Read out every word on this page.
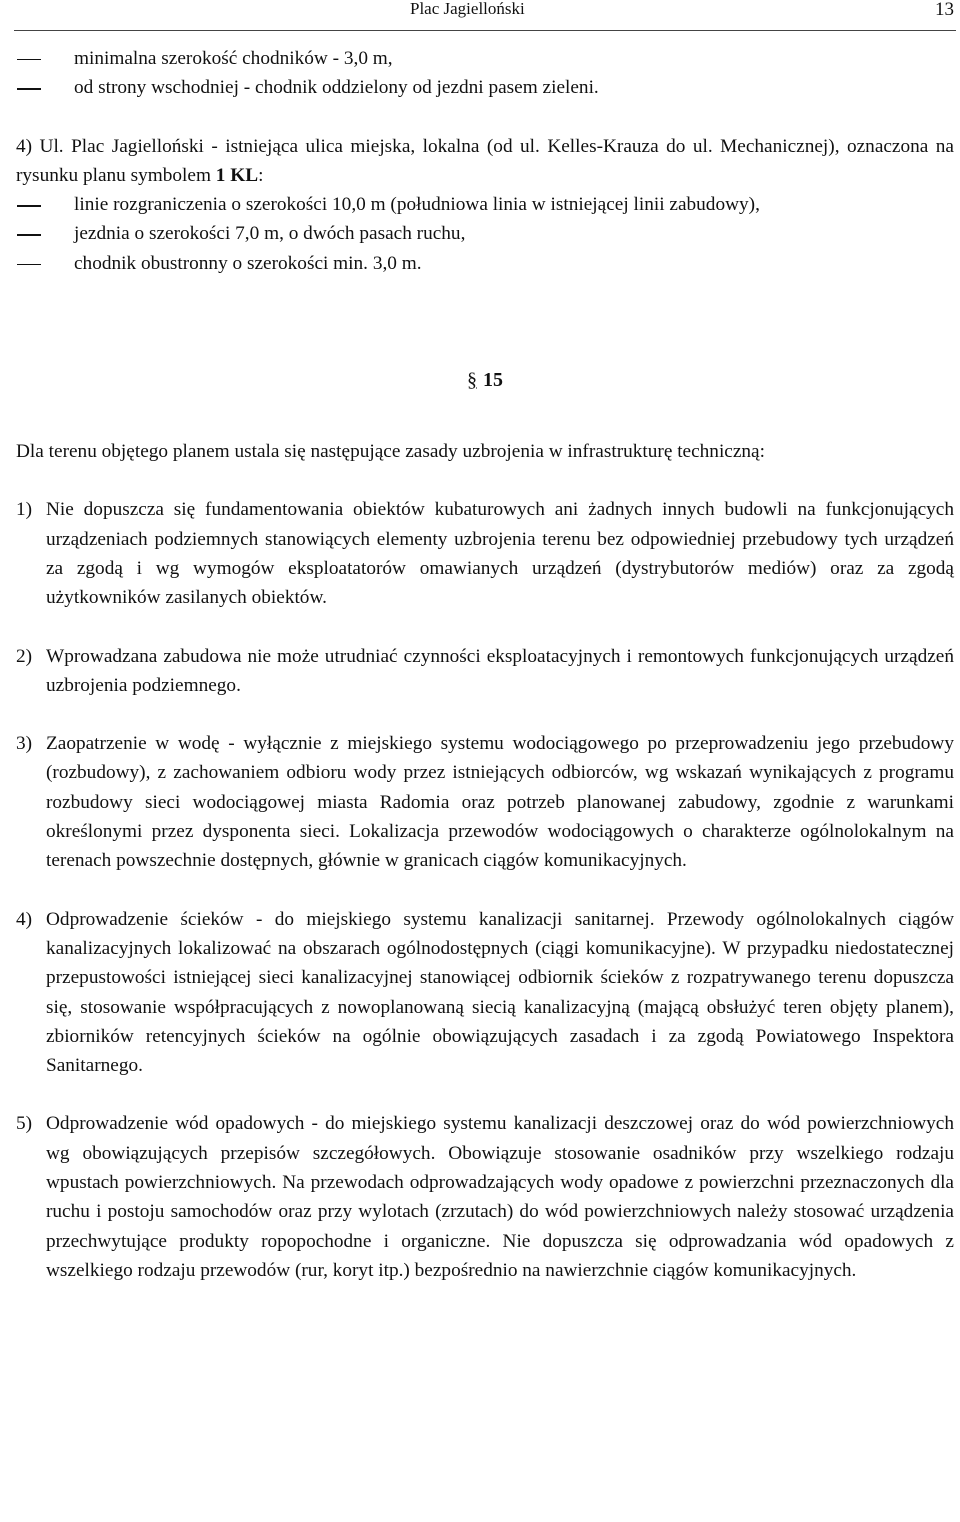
Plac Jagielloński	13
minimalna szerokość chodników - 3,0 m,
od strony wschodniej - chodnik oddzielony od jezdni pasem zieleni.

4) Ul. Plac Jagielloński - istniejąca ulica miejska, lokalna (od ul. Kelles-Krauza do ul. Mechanicznej), oznaczona na rysunku planu symbolem 1 KL:

linie rozgraniczenia o szerokości 10,0 m (południowa linia w istniejącej linii zabudowy),
jezdnia o szerokości 7,0 m, o dwóch pasach ruchu,
chodnik obustronny o szerokości min. 3,0 m.
§ 15

Dla terenu objętego planem ustala się następujące zasady uzbrojenia w infrastrukturę techniczną:

1) Nie dopuszcza się fundamentowania obiektów kubaturowych ani żadnych innych budowli na funkcjonujących urządzeniach podziemnych stanowiących elementy uzbrojenia terenu bez odpowiedniej przebudowy tych urządzeń za zgodą i wg wymogów eksploatatorów omawianych urządzeń (dystrybutorów mediów) oraz za zgodą użytkowników zasilanych obiektów.

2) Wprowadzana zabudowa nie może utrudniać czynności eksploatacyjnych i remontowych funkcjonujących urządzeń uzbrojenia podziemnego.

3) Zaopatrzenie w wodę - wyłącznie z miejskiego systemu wodociągowego po przeprowadzeniu jego przebudowy (rozbudowy), z zachowaniem odbioru wody przez istniejących odbiorców, wg wskazań wynikających z programu rozbudowy sieci wodociągowej miasta Radomia oraz potrzeb planowanej zabudowy, zgodnie z warunkami określonymi przez dysponenta sieci. Lokalizacja przewodów wodociągowych o charakterze ogólnolokalnym na terenach powszechnie dostępnych, głównie w granicach ciągów komunikacyjnych.

4) Odprowadzenie ścieków - do miejskiego systemu kanalizacji sanitarnej. Przewody ogólnolokalnych ciągów kanalizacyjnych lokalizować na obszarach ogólnodostępnych (ciągi komunikacyjne). W przypadku niedostatecznej przepustowości istniejącej sieci kanalizacyjnej stanowiącej odbiornik ścieków z rozpatrywanego terenu dopuszcza się, stosowanie współpracujących z nowoplanowaną siecią kanalizacyjną (mającą obsłużyć teren objęty planem), zbiorników retencyjnych ścieków na ogólnie obowiązujących zasadach i za zgodą Powiatowego Inspektora Sanitarnego.

5) Odprowadzenie wód opadowych - do miejskiego systemu kanalizacji deszczowej oraz do wód powierzchniowych wg obowiązujących przepisów szczegółowych. Obowiązuje stosowanie osadników przy wszelkiego rodzaju wpustach powierzchniowych. Na przewodach odprowadzających wody opadowe z powierzchni przeznaczonych dla ruchu i postoju samochodów oraz przy wylotach (zrzutach) do wód powierzchniowych należy stosować urządzenia przechwytujące produkty ropopochodne i organiczne. Nie dopuszcza się odprowadzania wód opadowych z wszelkiego rodzaju przewodów (rur, koryt itp.) bezpośrednio na nawierzchnie ciągów komunikacyjnych.
